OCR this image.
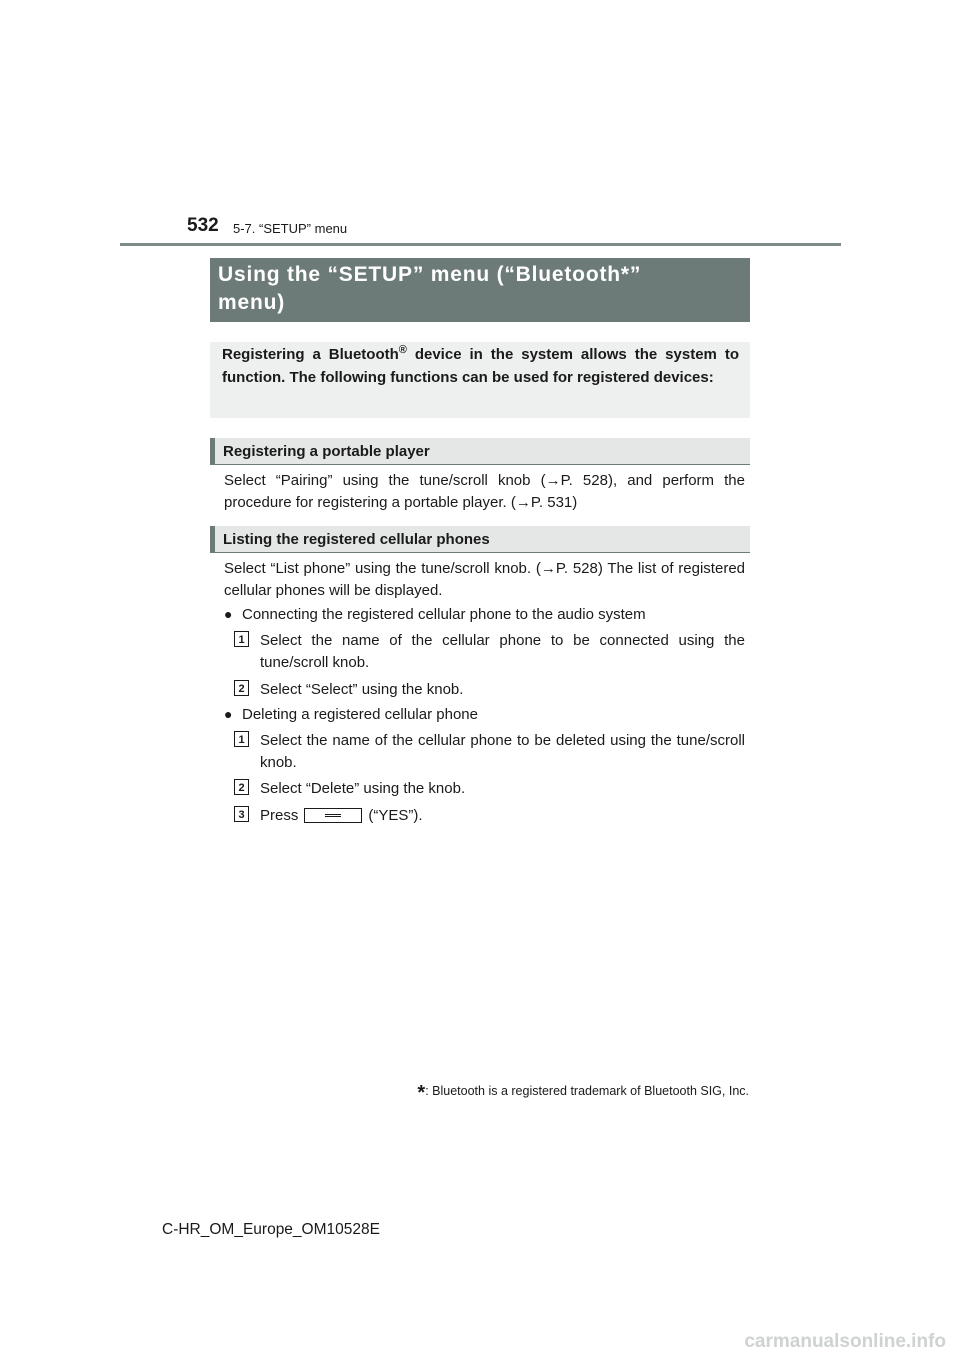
532 5-7. “SETUP” menu
Using the “SETUP” menu (“Bluetooth*”
menu)
Registering a Bluetooth® device in the system allows the system to function. The following functions can be used for registered devices:
Registering a portable player
Select “Pairing” using the tune/scroll knob (→P. 528), and perform the procedure for registering a portable player. (→P. 531)
Listing the registered cellular phones
Select “List phone” using the tune/scroll knob. (→P. 528) The list of registered cellular phones will be displayed.
● Connecting the registered cellular phone to the audio system
1 Select the name of the cellular phone to be connected using the tune/scroll knob.
2 Select “Select” using the knob.
● Deleting a registered cellular phone
1 Select the name of the cellular phone to be deleted using the tune/scroll knob.
2 Select “Delete” using the knob.
3 Press	(“YES”).
*: Bluetooth is a registered trademark of Bluetooth SIG, Inc.
C-HR_OM_Europe_OM10528E
carmanualsonline.info
